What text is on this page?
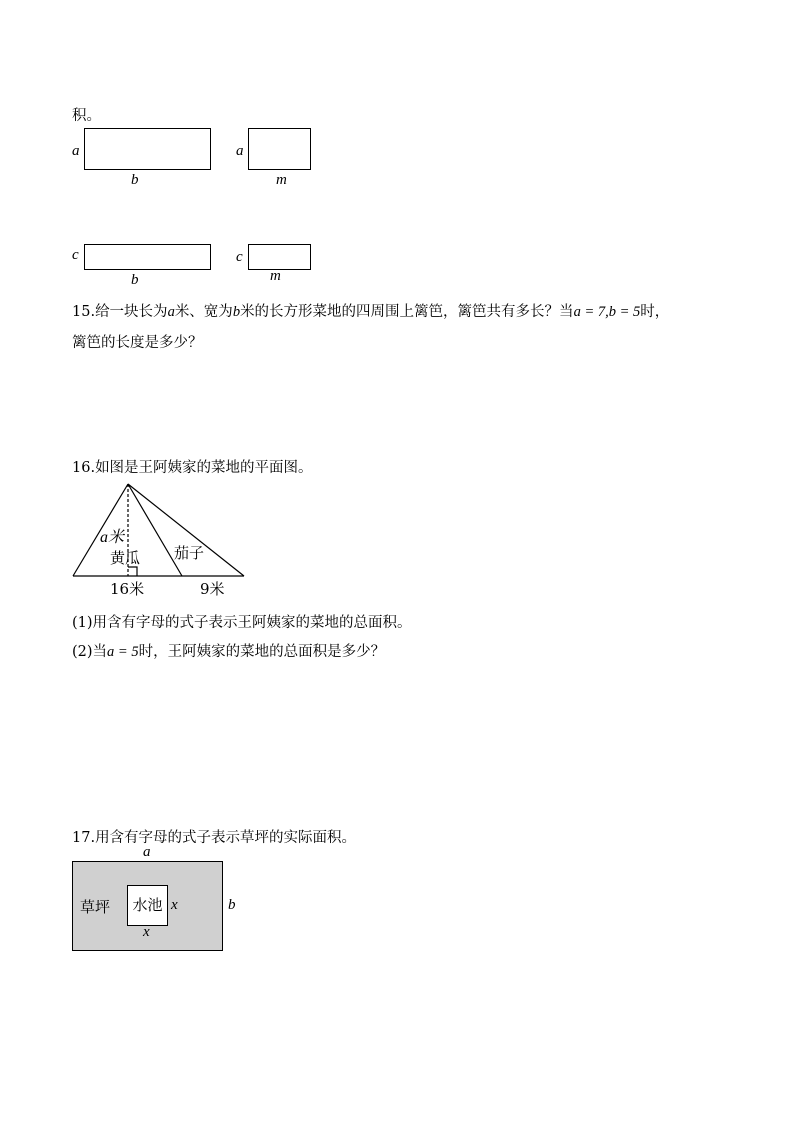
积。
a
b
a
m
c
b
c
m
15.给一块长为a米、宽为b米的长方形菜地的四周围上篱笆，篱笆共有多长？当a = 7,b = 5时，
篱笆的长度是多少？
16.如图是王阿姨家的菜地的平面图。
a米
黄瓜 茄子
16米	9米
(1)用含有字母的式子表示王阿姨家的菜地的总面积。
(2)当a = 5时，王阿姨家的菜地的总面积是多少？
17.用含有字母的式子表示草坪的实际面积。
a
草坪	水池 x
x
b
